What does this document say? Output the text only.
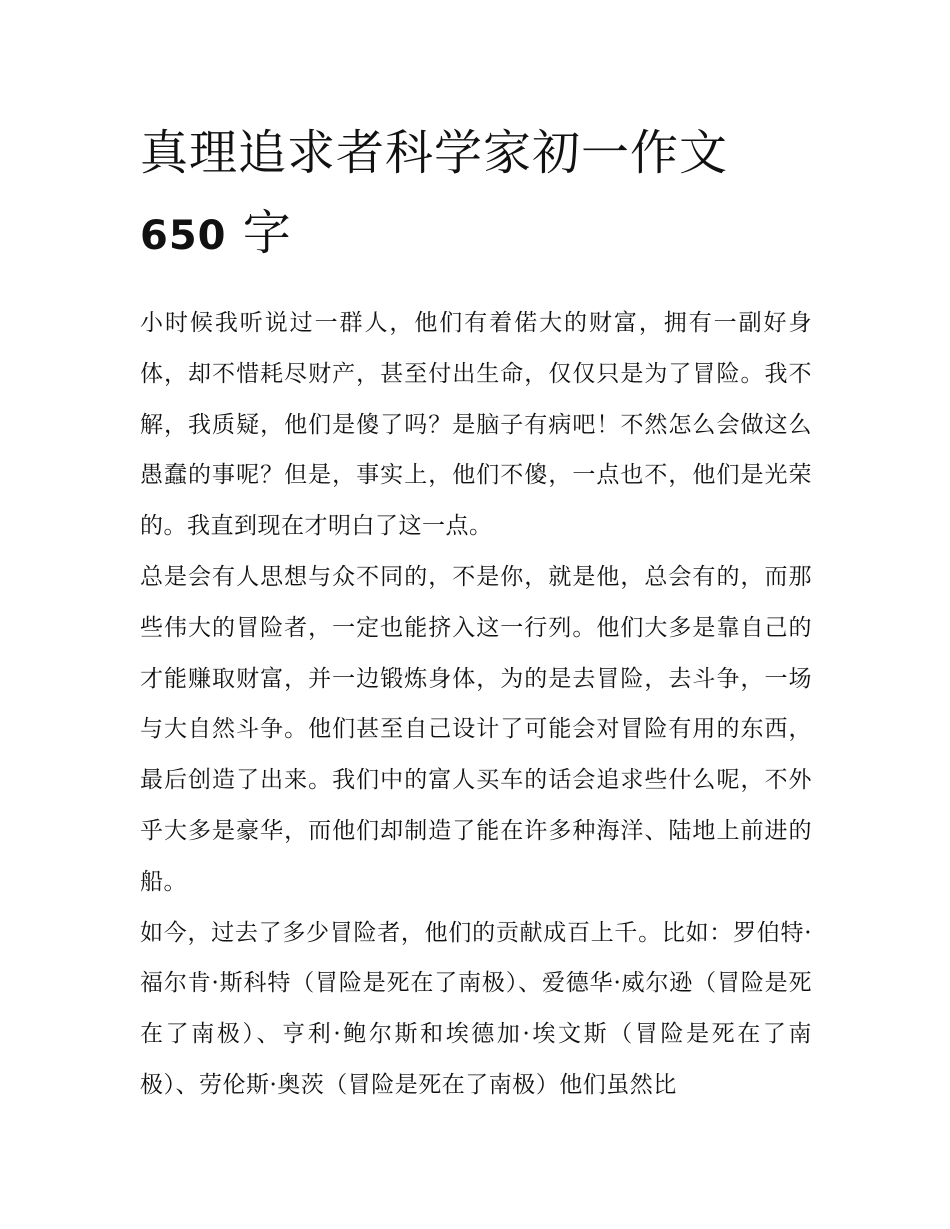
真理追求者科学家初一作文
650 字

小时候我听说过一群人，他们有着偌大的财富，拥有一副好身体，却不惜耗尽财产，甚至付出生命，仅仅只是为了冒险。我不解，我质疑，他们是傻了吗？是脑子有病吧！不然怎么会做这么愚蠢的事呢？但是，事实上，他们不傻，一点也不，他们是光荣的。我直到现在才明白了这一点。

总是会有人思想与众不同的，不是你，就是他，总会有的，而那些伟大的冒险者，一定也能挤入这一行列。他们大多是靠自己的才能赚取财富，并一边锻炼身体，为的是去冒险，去斗争，一场与大自然斗争。他们甚至自己设计了可能会对冒险有用的东西，最后创造了出来。我们中的富人买车的话会追求些什么呢，不外乎大多是豪华，而他们却制造了能在许多种海洋、陆地上前进的船。

如今，过去了多少冒险者，他们的贡献成百上千。比如：罗伯特·福尔肯·斯科特（冒险是死在了南极）、爱德华·威尔逊（冒险是死在了南极）、亨利·鲍尔斯和埃德加·埃文斯（冒险是死在了南极）、劳伦斯·奥茨（冒险是死在了南极）他们虽然比
